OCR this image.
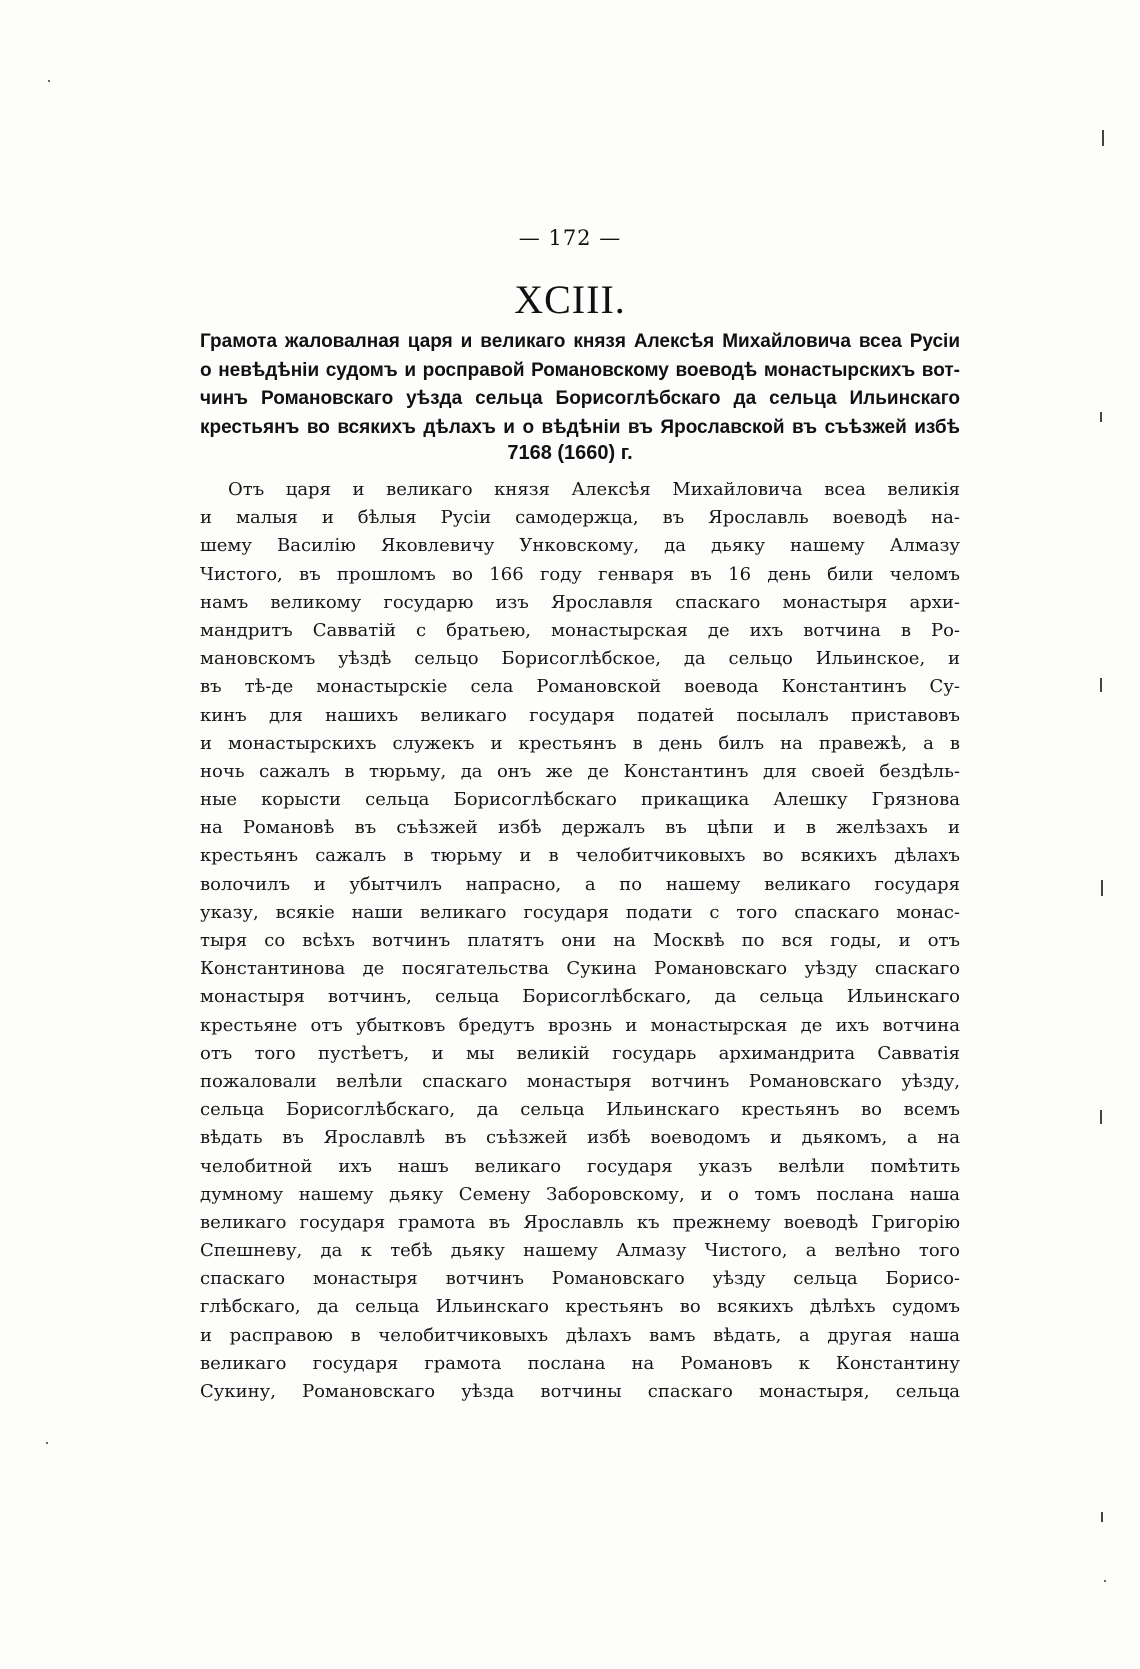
— 172 —
XCIII.
Грамота жаловалная царя и великаго князя Алексѣя Михайловича всеа Русіи
о невѣдѣніи судомъ и росправой Романовскому воеводѣ монастырскихъ вот-
чинъ Романовскаго уѣзда сельца Борисоглѣбскаго да сельца Ильинскаго
крестьянъ во всякихъ дѣлахъ и о вѣдѣніи въ Ярославской въ съѣзжей избѣ
7168 (1660) г.
Отъ царя и великаго князя Алексѣя Михайловича всеа великія
и малыя и бѣлыя Русіи самодержца, въ Ярославль воеводѣ на-
шему Василію Яковлевичу Унковскому, да дьяку нашему Алмазу
Чистого, въ прошломъ во 166 году генваря въ 16 день били челомъ
намъ великому государю изъ Ярославля спаскаго монастыря архи-
мандритъ Савватій с братьею, монастырская де ихъ вотчина в Ро-
мановскомъ уѣздѣ сельцо Борисоглѣбское, да сельцо Ильинское, и
въ тѣ-де монастырскіе села Романовской воевода Константинъ Су-
кинъ для нашихъ великаго государя податей посылалъ приставовъ
и монастырскихъ служекъ и крестьянъ в день билъ на правежѣ, а в
ночь сажалъ в тюрьму, да онъ же де Константинъ для своей бездѣль-
ные корысти сельца Борисоглѣбскаго прикащика Алешку Грязнова
на Романовѣ въ съѣзжей избѣ держалъ въ цѣпи и в желѣзахъ и
крестьянъ сажалъ в тюрьму и в челобитчиковыхъ во всякихъ дѣлахъ
волочилъ и убытчилъ напрасно, а по нашему великаго государя
указу, всякіе наши великаго государя подати с того спаскаго монас-
тыря со всѣхъ вотчинъ платятъ они на Москвѣ по вся годы, и отъ
Константинова де посягательства Сукина Романовскаго уѣзду спаскаго
монастыря вотчинъ, сельца Борисоглѣбскаго, да сельца Ильинскаго
крестьяне отъ убытковъ бредутъ врознь и монастырская де ихъ вотчина
отъ того пустѣетъ, и мы великій государь архимандрита Савватія
пожаловали велѣли спаскаго монастыря вотчинъ Романовскаго уѣзду,
сельца Борисоглѣбскаго, да сельца Ильинскаго крестьянъ во всемъ
вѣдать въ Ярославлѣ въ съѣзжей избѣ воеводомъ и дьякомъ, а на
челобитной ихъ нашъ великаго государя указъ велѣли помѣтить
думному нашему дьяку Семену Заборовскому, и о томъ послана наша
великаго государя грамота въ Ярославль къ прежнему воеводѣ Григорію
Спешневу, да к тебѣ дьяку нашему Алмазу Чистого, а велѣно того
спаскаго монастыря вотчинъ Романовскаго уѣзду сельца Борисо-
глѣбскаго, да сельца Ильинскаго крестьянъ во всякихъ дѣлѣхъ судомъ
и расправою в челобитчиковыхъ дѣлахъ вамъ вѣдать, а другая наша
великаго государя грамота послана на Романовъ к Константину
Сукину, Романовскаго уѣзда вотчины спаскаго монастыря, сельца
